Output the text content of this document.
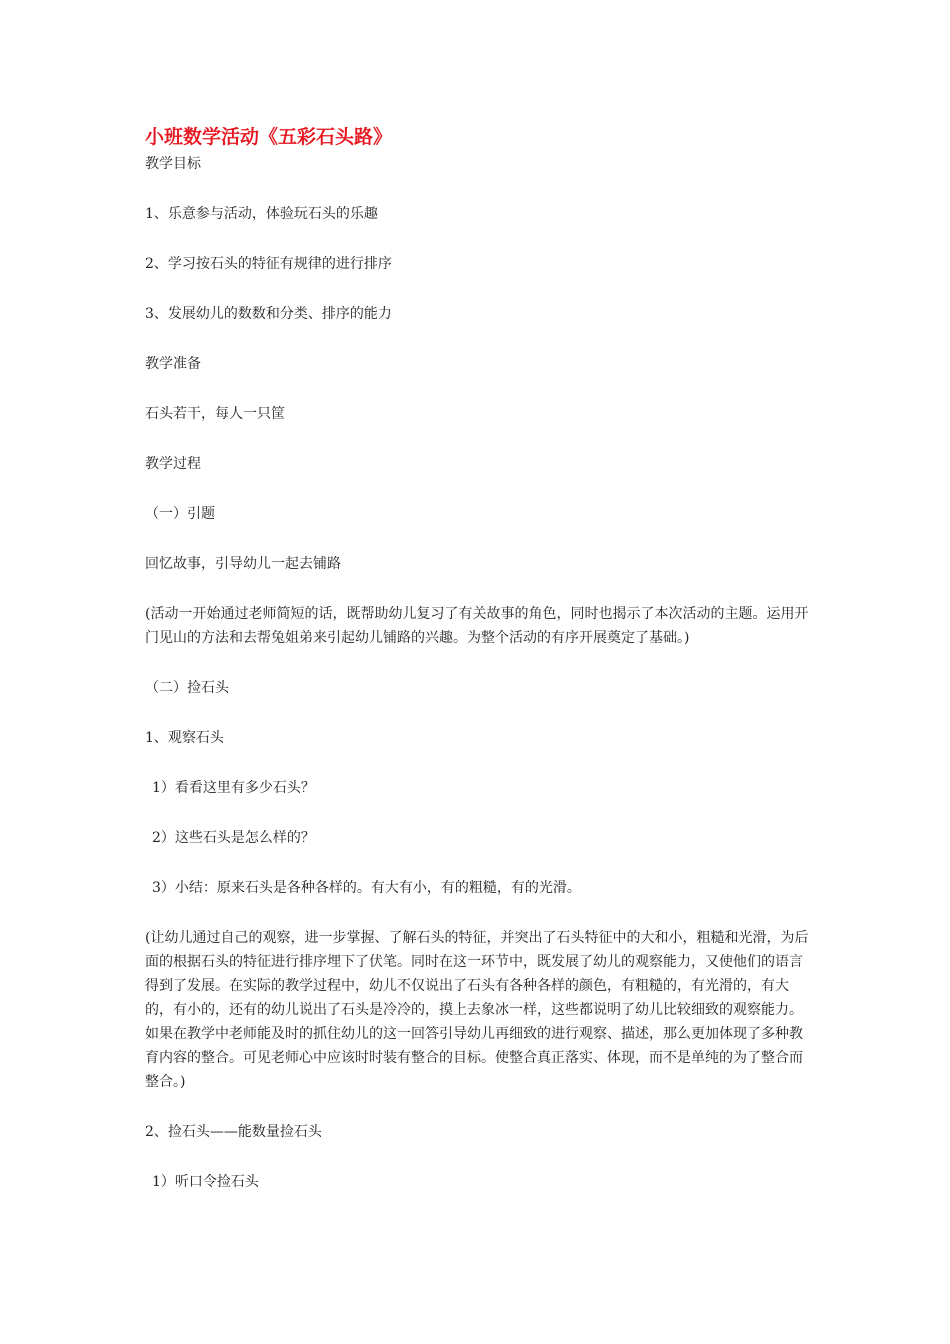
小班数学活动《五彩石头路》

教学目标

1、乐意参与活动，体验玩石头的乐趣

2、学习按石头的特征有规律的进行排序

3、发展幼儿的数数和分类、排序的能力

教学准备

石头若干，每人一只筐

教学过程

（一）引题

回忆故事，引导幼儿一起去铺路

(活动一开始通过老师简短的话，既帮助幼儿复习了有关故事的角色，同时也揭示了本次活动的主题。运用开门见山的方法和去帮兔姐弟来引起幼儿铺路的兴趣。为整个活动的有序开展奠定了基础。)

（二）捡石头

1、观察石头

1）看看这里有多少石头？

2）这些石头是怎么样的？

3）小结：原来石头是各种各样的。有大有小，有的粗糙，有的光滑。

(让幼儿通过自己的观察，进一步掌握、了解石头的特征，并突出了石头特征中的大和小，粗糙和光滑，为后面的根据石头的特征进行排序埋下了伏笔。同时在这一环节中，既发展了幼儿的观察能力，又使他们的语言得到了发展。在实际的教学过程中，幼儿不仅说出了石头有各种各样的颜色，有粗糙的，有光滑的，有大的，有小的，还有的幼儿说出了石头是冷冷的，摸上去象冰一样，这些都说明了幼儿比较细致的观察能力。如果在教学中老师能及时的抓住幼儿的这一回答引导幼儿再细致的进行观察、描述，那么更加体现了多种教育内容的整合。可见老师心中应该时时装有整合的目标。使整合真正落实、体现，而不是单纯的为了整合而整合。)

2、捡石头——能数量捡石头

1）听口令捡石头
